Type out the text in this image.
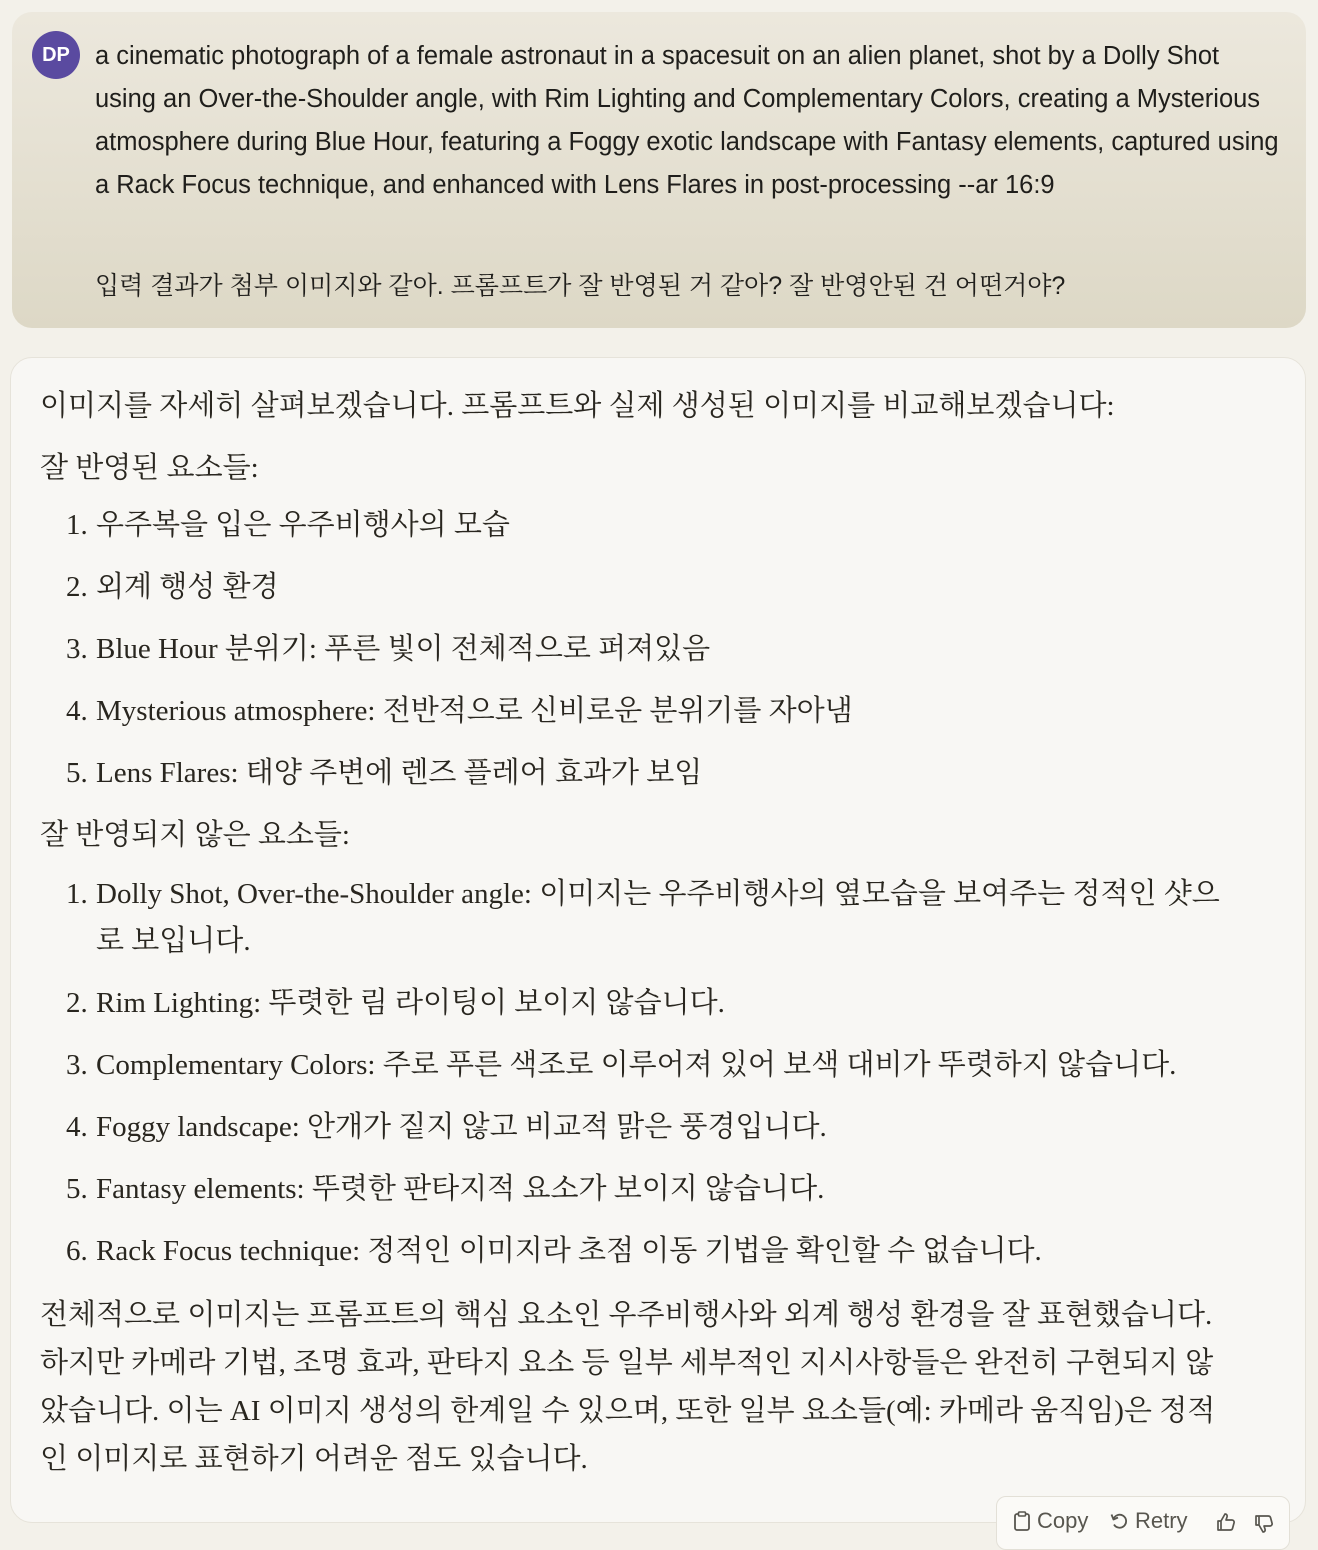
DP a cinematic photograph of a female astronaut in a spacesuit on an alien planet, shot by a Dolly Shot using an Over-the-Shoulder angle, with Rim Lighting and Complementary Colors, creating a Mysterious atmosphere during Blue Hour, featuring a Foggy exotic landscape with Fantasy elements, captured using a Rack Focus technique, and enhanced with Lens Flares in post-processing --ar 16:9

입력 결과가 첨부 이미지와 같아. 프롬프트가 잘 반영된 거 같아? 잘 반영안된 건 어떤거야?

이미지를 자세히 살펴보겠습니다. 프롬프트와 실제 생성된 이미지를 비교해보겠습니다:

잘 반영된 요소들:

1. 우주복을 입은 우주비행사의 모습
2. 외계 행성 환경
3. Blue Hour 분위기: 푸른 빛이 전체적으로 퍼져있음
4. Mysterious atmosphere: 전반적으로 신비로운 분위기를 자아냄
5. Lens Flares: 태양 주변에 렌즈 플레어 효과가 보임

잘 반영되지 않은 요소들:

1. Dolly Shot, Over-the-Shoulder angle: 이미지는 우주비행사의 옆모습을 보여주는 정적인 샷으로 보입니다.
2. Rim Lighting: 뚜렷한 림 라이팅이 보이지 않습니다.
3. Complementary Colors: 주로 푸른 색조로 이루어져 있어 보색 대비가 뚜렷하지 않습니다.
4. Foggy landscape: 안개가 짙지 않고 비교적 맑은 풍경입니다.
5. Fantasy elements: 뚜렷한 판타지적 요소가 보이지 않습니다.
6. Rack Focus technique: 정적인 이미지라 초점 이동 기법을 확인할 수 없습니다.

전체적으로 이미지는 프롬프트의 핵심 요소인 우주비행사와 외계 행성 환경을 잘 표현했습니다. 하지만 카메라 기법, 조명 효과, 판타지 요소 등 일부 세부적인 지시사항들은 완전히 구현되지 않았습니다. 이는 AI 이미지 생성의 한계일 수 있으며, 또한 일부 요소들(예: 카메라 움직임)은 정적인 이미지로 표현하기 어려운 점도 있습니다.

Copy Retry
